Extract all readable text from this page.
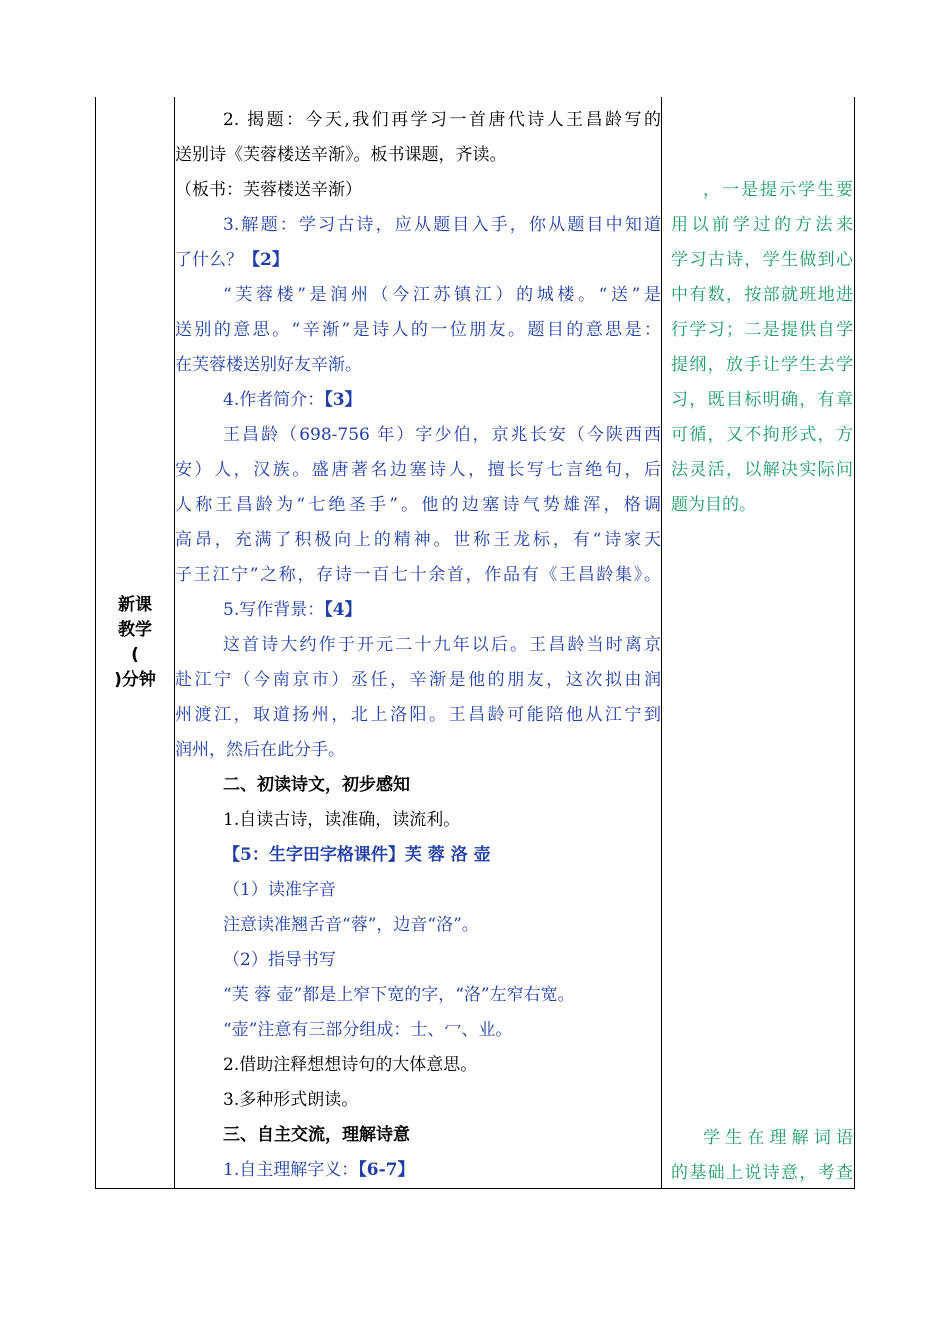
新课
教学
(
)分钟
2. 揭题：今天,我们再学习一首唐代诗人王昌龄写的
送别诗《芙蓉楼送辛渐》。板书课题，齐读。
（板书：芙蓉楼送辛渐）
3.解题：学习古诗，应从题目入手，你从题目中知道
了什么？【2】
“芙蓉楼”是润州（今江苏镇江）的城楼。“送”是
送别的意思。“辛渐”是诗人的一位朋友。题目的意思是：
在芙蓉楼送别好友辛渐。
4.作者简介：【3】
王昌龄（698-756 年）字少伯，京兆长安（今陕西西
安）人，汉族。盛唐著名边塞诗人，擅长写七言绝句，后
人称王昌龄为“七绝圣手”。他的边塞诗气势雄浑，格调
高昂，充满了积极向上的精神。世称王龙标，有“诗家天
子王江宁”之称，存诗一百七十余首，作品有《王昌龄集》。
5.写作背景：【4】
这首诗大约作于开元二十九年以后。王昌龄当时离京
赴江宁（今南京市）丞任，辛渐是他的朋友，这次拟由润
州渡江，取道扬州，北上洛阳。王昌龄可能陪他从江宁到
润州，然后在此分手。
二、初读诗文，初步感知
1.自读古诗，读准确，读流利。
【5：生字田字格课件】芙 蓉 洛 壶
（1）读准字音
注意读准翘舌音“蓉”，边音“洛”。
（2）指导书写
“芙 蓉 壶”都是上窄下宽的字，“洛”左窄右宽。
“壶”注意有三部分组成：士、冖、业。
2.借助注释想想诗句的大体意思。
3.多种形式朗读。
三、自主交流，理解诗意
1.自主理解字义：【6-7】
，一是提示学生要
用以前学过的方法来
学习古诗，学生做到心
中有数，按部就班地进
行学习；二是提供自学
提纲，放手让学生去学
习，既目标明确，有章
可循，又不拘形式，方
法灵活，以解决实际问
题为目的。
学生在理解词语
的基础上说诗意，考查
